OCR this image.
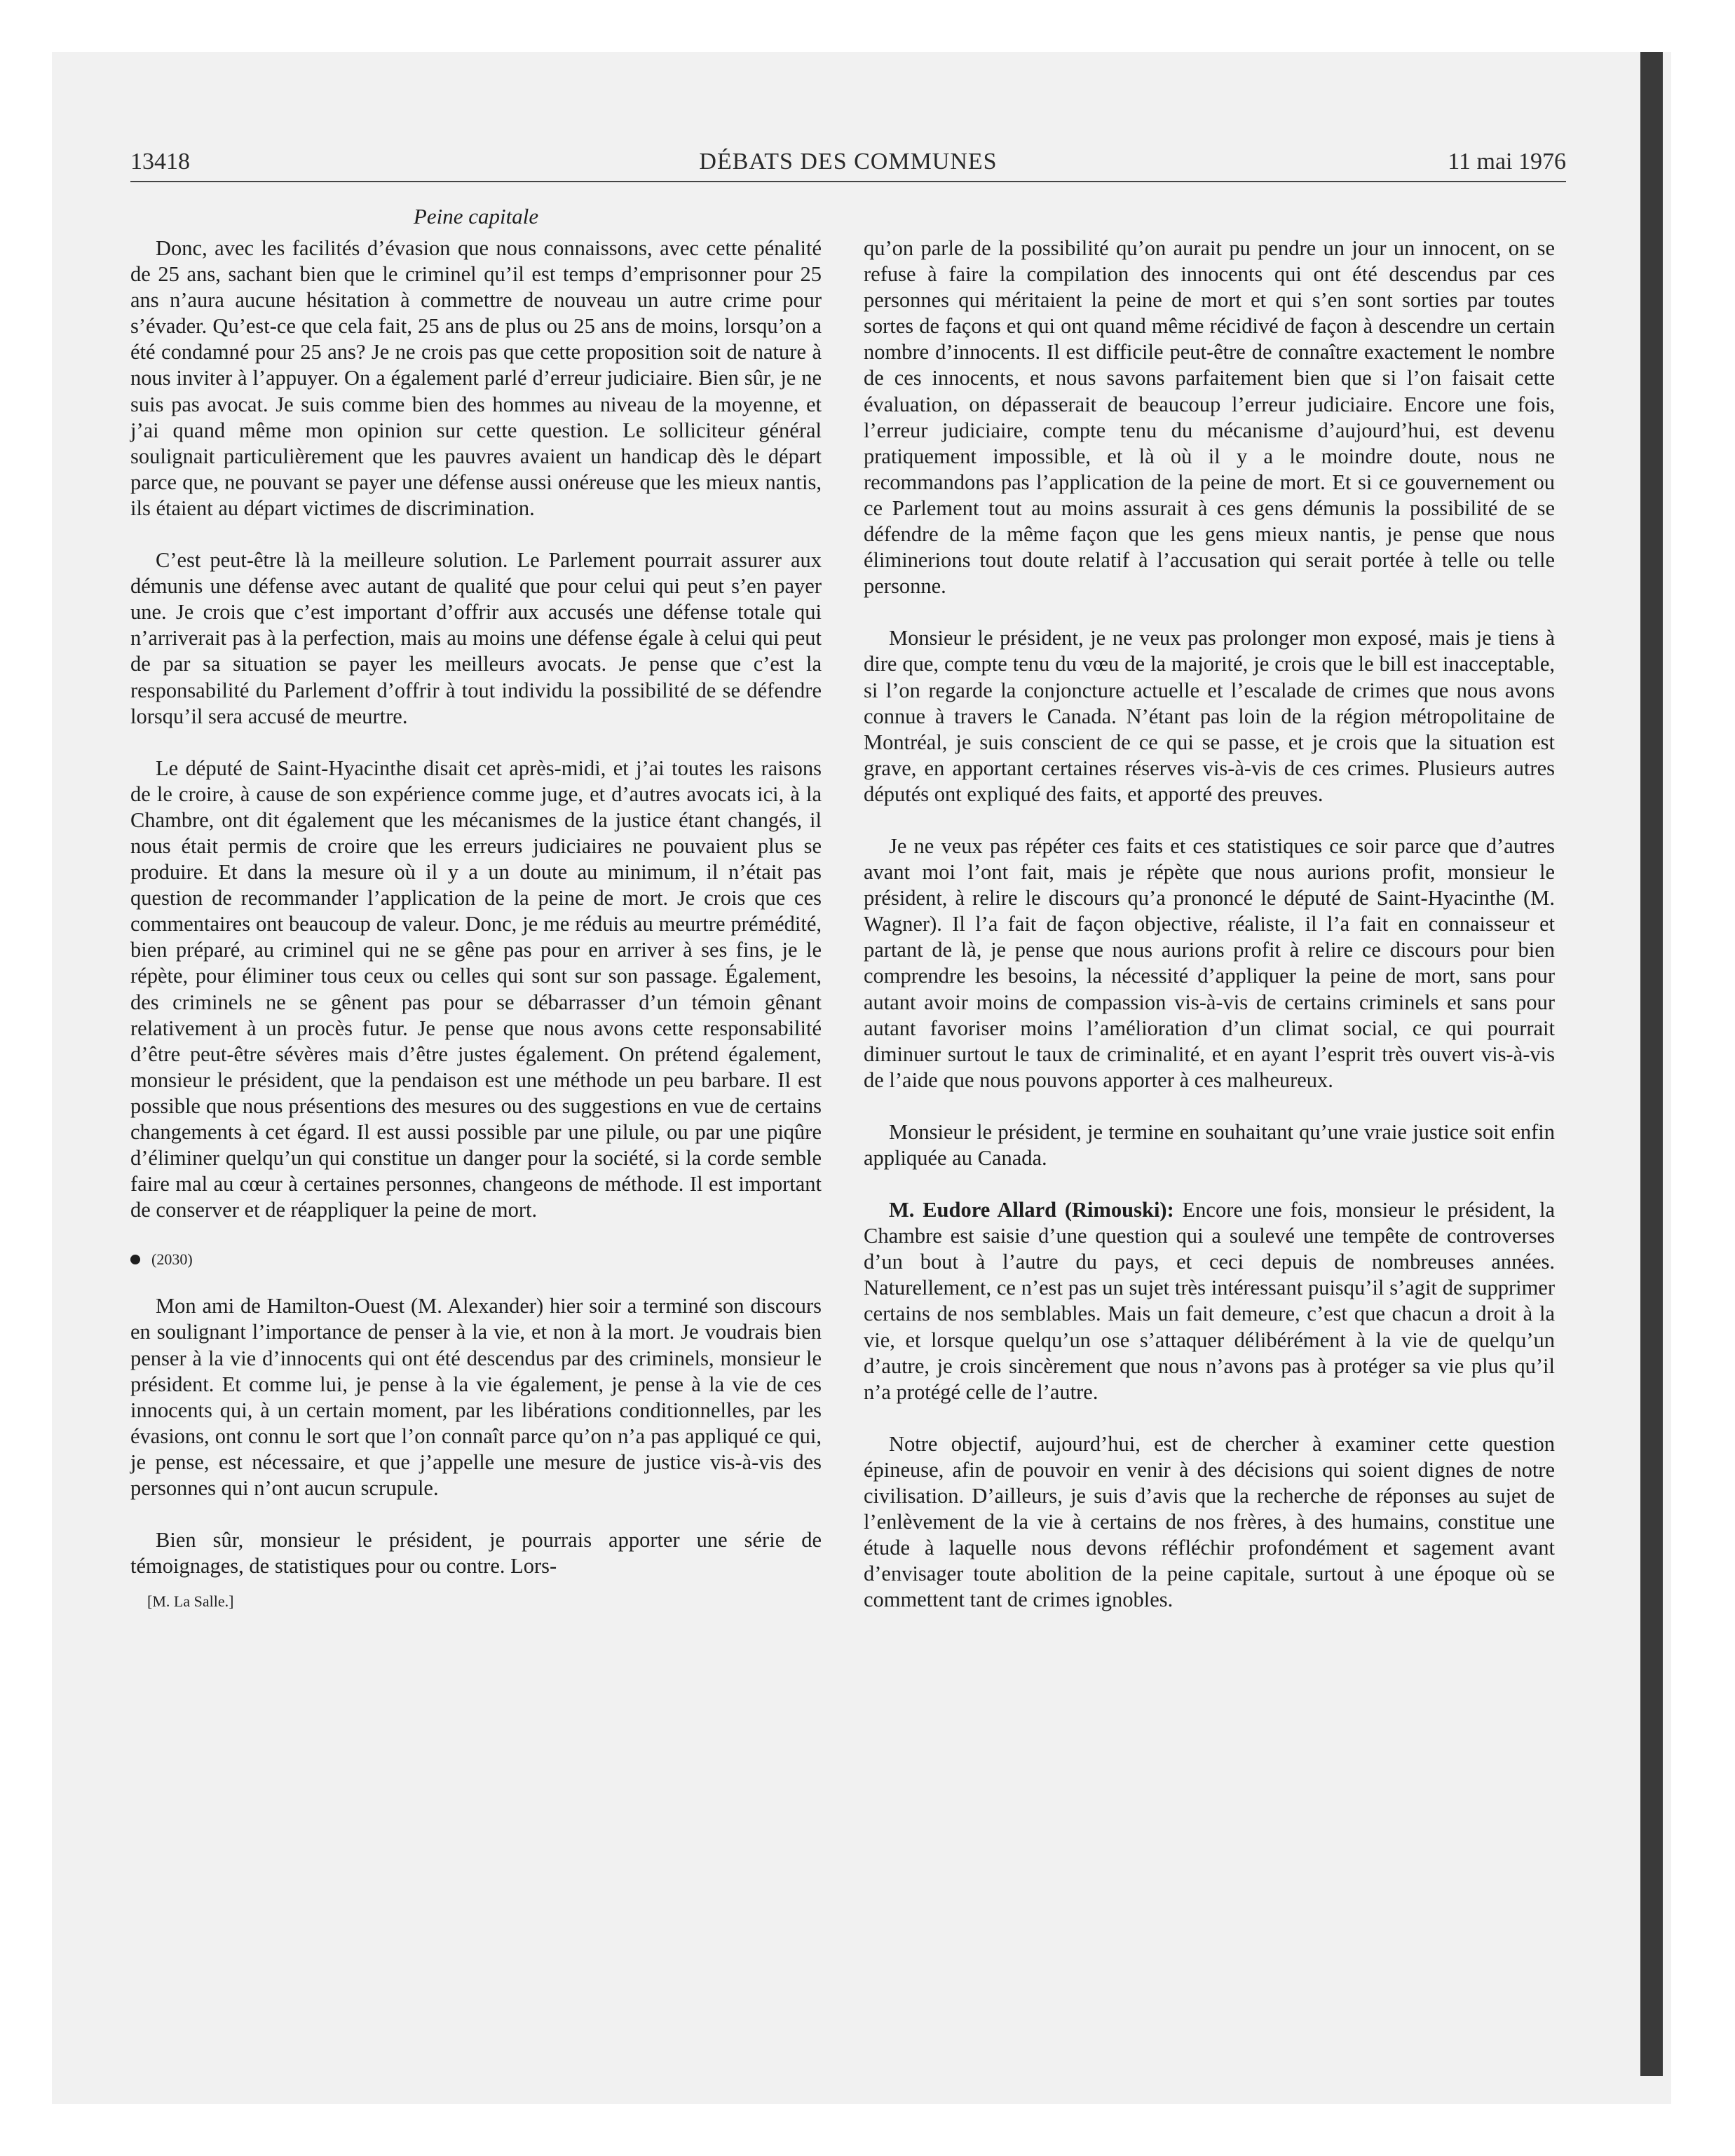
13418	DÉBATS DES COMMUNES	11 mai 1976
Peine capitale

Donc, avec les facilités d’évasion que nous connaissons, avec cette pénalité de 25 ans, sachant bien que le criminel qu’il est temps d’emprisonner pour 25 ans n’aura aucune hésitation à commettre de nouveau un autre crime pour s’évader. Qu’est-ce que cela fait, 25 ans de plus ou 25 ans de moins, lorsqu’on a été condamné pour 25 ans? Je ne crois pas que cette proposition soit de nature à nous inviter à l’appuyer. On a également parlé d’erreur judiciaire. Bien sûr, je ne suis pas avocat. Je suis comme bien des hommes au niveau de la moyenne, et j’ai quand même mon opinion sur cette question. Le solliciteur général soulignait particulièrement que les pauvres avaient un handicap dès le départ parce que, ne pouvant se payer une défense aussi onéreuse que les mieux nantis, ils étaient au départ victimes de discrimination.

C’est peut-être là la meilleure solution. Le Parlement pourrait assurer aux démunis une défense avec autant de qualité que pour celui qui peut s’en payer une. Je crois que c’est important d’offrir aux accusés une défense totale qui n’arriverait pas à la perfection, mais au moins une défense égale à celui qui peut de par sa situation se payer les meilleurs avocats. Je pense que c’est la responsabilité du Parlement d’offrir à tout individu la possibilité de se défendre lorsqu’il sera accusé de meurtre.

Le député de Saint-Hyacinthe disait cet après-midi, et j’ai toutes les raisons de le croire, à cause de son expérience comme juge, et d’autres avocats ici, à la Chambre, ont dit également que les mécanismes de la justice étant changés, il nous était permis de croire que les erreurs judiciaires ne pouvaient plus se produire. Et dans la mesure où il y a un doute au minimum, il n’était pas question de recommander l’application de la peine de mort. Je crois que ces commentaires ont beaucoup de valeur. Donc, je me réduis au meurtre prémédité, bien préparé, au criminel qui ne se gêne pas pour en arriver à ses fins, je le répète, pour éliminer tous ceux ou celles qui sont sur son passage. Également, des criminels ne se gênent pas pour se débarrasser d’un témoin gênant relativement à un procès futur. Je pense que nous avons cette responsabilité d’être peut-être sévères mais d’être justes également. On prétend également, monsieur le président, que la pendaison est une méthode un peu barbare. Il est possible que nous présentions des mesures ou des suggestions en vue de certains changements à cet égard. Il est aussi possible par une pilule, ou par une piqûre d’éliminer quelqu’un qui constitue un danger pour la société, si la corde semble faire mal au cœur à certaines personnes, changeons de méthode. Il est important de conserver et de réappliquer la peine de mort.

(2030)

Mon ami de Hamilton-Ouest (M. Alexander) hier soir a terminé son discours en soulignant l’importance de penser à la vie, et non à la mort. Je voudrais bien penser à la vie d’innocents qui ont été descendus par des criminels, monsieur le président. Et comme lui, je pense à la vie également, je pense à la vie de ces innocents qui, à un certain moment, par les libérations conditionnelles, par les évasions, ont connu le sort que l’on connaît parce qu’on n’a pas appliqué ce qui, je pense, est nécessaire, et que j’appelle une mesure de justice vis-à-vis des personnes qui n’ont aucun scrupule.

Bien sûr, monsieur le président, je pourrais apporter une série de témoignages, de statistiques pour ou contre. Lors-

[M. La Salle.]

qu’on parle de la possibilité qu’on aurait pu pendre un jour un innocent, on se refuse à faire la compilation des innocents qui ont été descendus par ces personnes qui méritaient la peine de mort et qui s’en sont sorties par toutes sortes de façons et qui ont quand même récidivé de façon à descendre un certain nombre d’innocents. Il est difficile peut-être de connaître exactement le nombre de ces innocents, et nous savons parfaitement bien que si l’on faisait cette évaluation, on dépasserait de beaucoup l’erreur judiciaire. Encore une fois, l’erreur judiciaire, compte tenu du mécanisme d’aujourd’hui, est devenu pratiquement impossible, et là où il y a le moindre doute, nous ne recommandons pas l’application de la peine de mort. Et si ce gouvernement ou ce Parlement tout au moins assurait à ces gens démunis la possibilité de se défendre de la même façon que les gens mieux nantis, je pense que nous éliminerions tout doute relatif à l’accusation qui serait portée à telle ou telle personne.

Monsieur le président, je ne veux pas prolonger mon exposé, mais je tiens à dire que, compte tenu du vœu de la majorité, je crois que le bill est inacceptable, si l’on regarde la conjoncture actuelle et l’escalade de crimes que nous avons connue à travers le Canada. N’étant pas loin de la région métropolitaine de Montréal, je suis conscient de ce qui se passe, et je crois que la situation est grave, en apportant certaines réserves vis-à-vis de ces crimes. Plusieurs autres députés ont expliqué des faits, et apporté des preuves.

Je ne veux pas répéter ces faits et ces statistiques ce soir parce que d’autres avant moi l’ont fait, mais je répète que nous aurions profit, monsieur le président, à relire le discours qu’a prononcé le député de Saint-Hyacinthe (M. Wagner). Il l’a fait de façon objective, réaliste, il l’a fait en connaisseur et partant de là, je pense que nous aurions profit à relire ce discours pour bien comprendre les besoins, la nécessité d’appliquer la peine de mort, sans pour autant avoir moins de compassion vis-à-vis de certains criminels et sans pour autant favoriser moins l’amélioration d’un climat social, ce qui pourrait diminuer surtout le taux de criminalité, et en ayant l’esprit très ouvert vis-à-vis de l’aide que nous pouvons apporter à ces malheureux.

Monsieur le président, je termine en souhaitant qu’une vraie justice soit enfin appliquée au Canada.

M. Eudore Allard (Rimouski): Encore une fois, monsieur le président, la Chambre est saisie d’une question qui a soulevé une tempête de controverses d’un bout à l’autre du pays, et ceci depuis de nombreuses années. Naturellement, ce n’est pas un sujet très intéressant puisqu’il s’agit de supprimer certains de nos semblables. Mais un fait demeure, c’est que chacun a droit à la vie, et lorsque quelqu’un ose s’attaquer délibérément à la vie de quelqu’un d’autre, je crois sincèrement que nous n’avons pas à protéger sa vie plus qu’il n’a protégé celle de l’autre.

Notre objectif, aujourd’hui, est de chercher à examiner cette question épineuse, afin de pouvoir en venir à des décisions qui soient dignes de notre civilisation. D’ailleurs, je suis d’avis que la recherche de réponses au sujet de l’enlèvement de la vie à certains de nos frères, à des humains, constitue une étude à laquelle nous devons réfléchir profondément et sagement avant d’envisager toute abolition de la peine capitale, surtout à une époque où se commettent tant de crimes ignobles.
